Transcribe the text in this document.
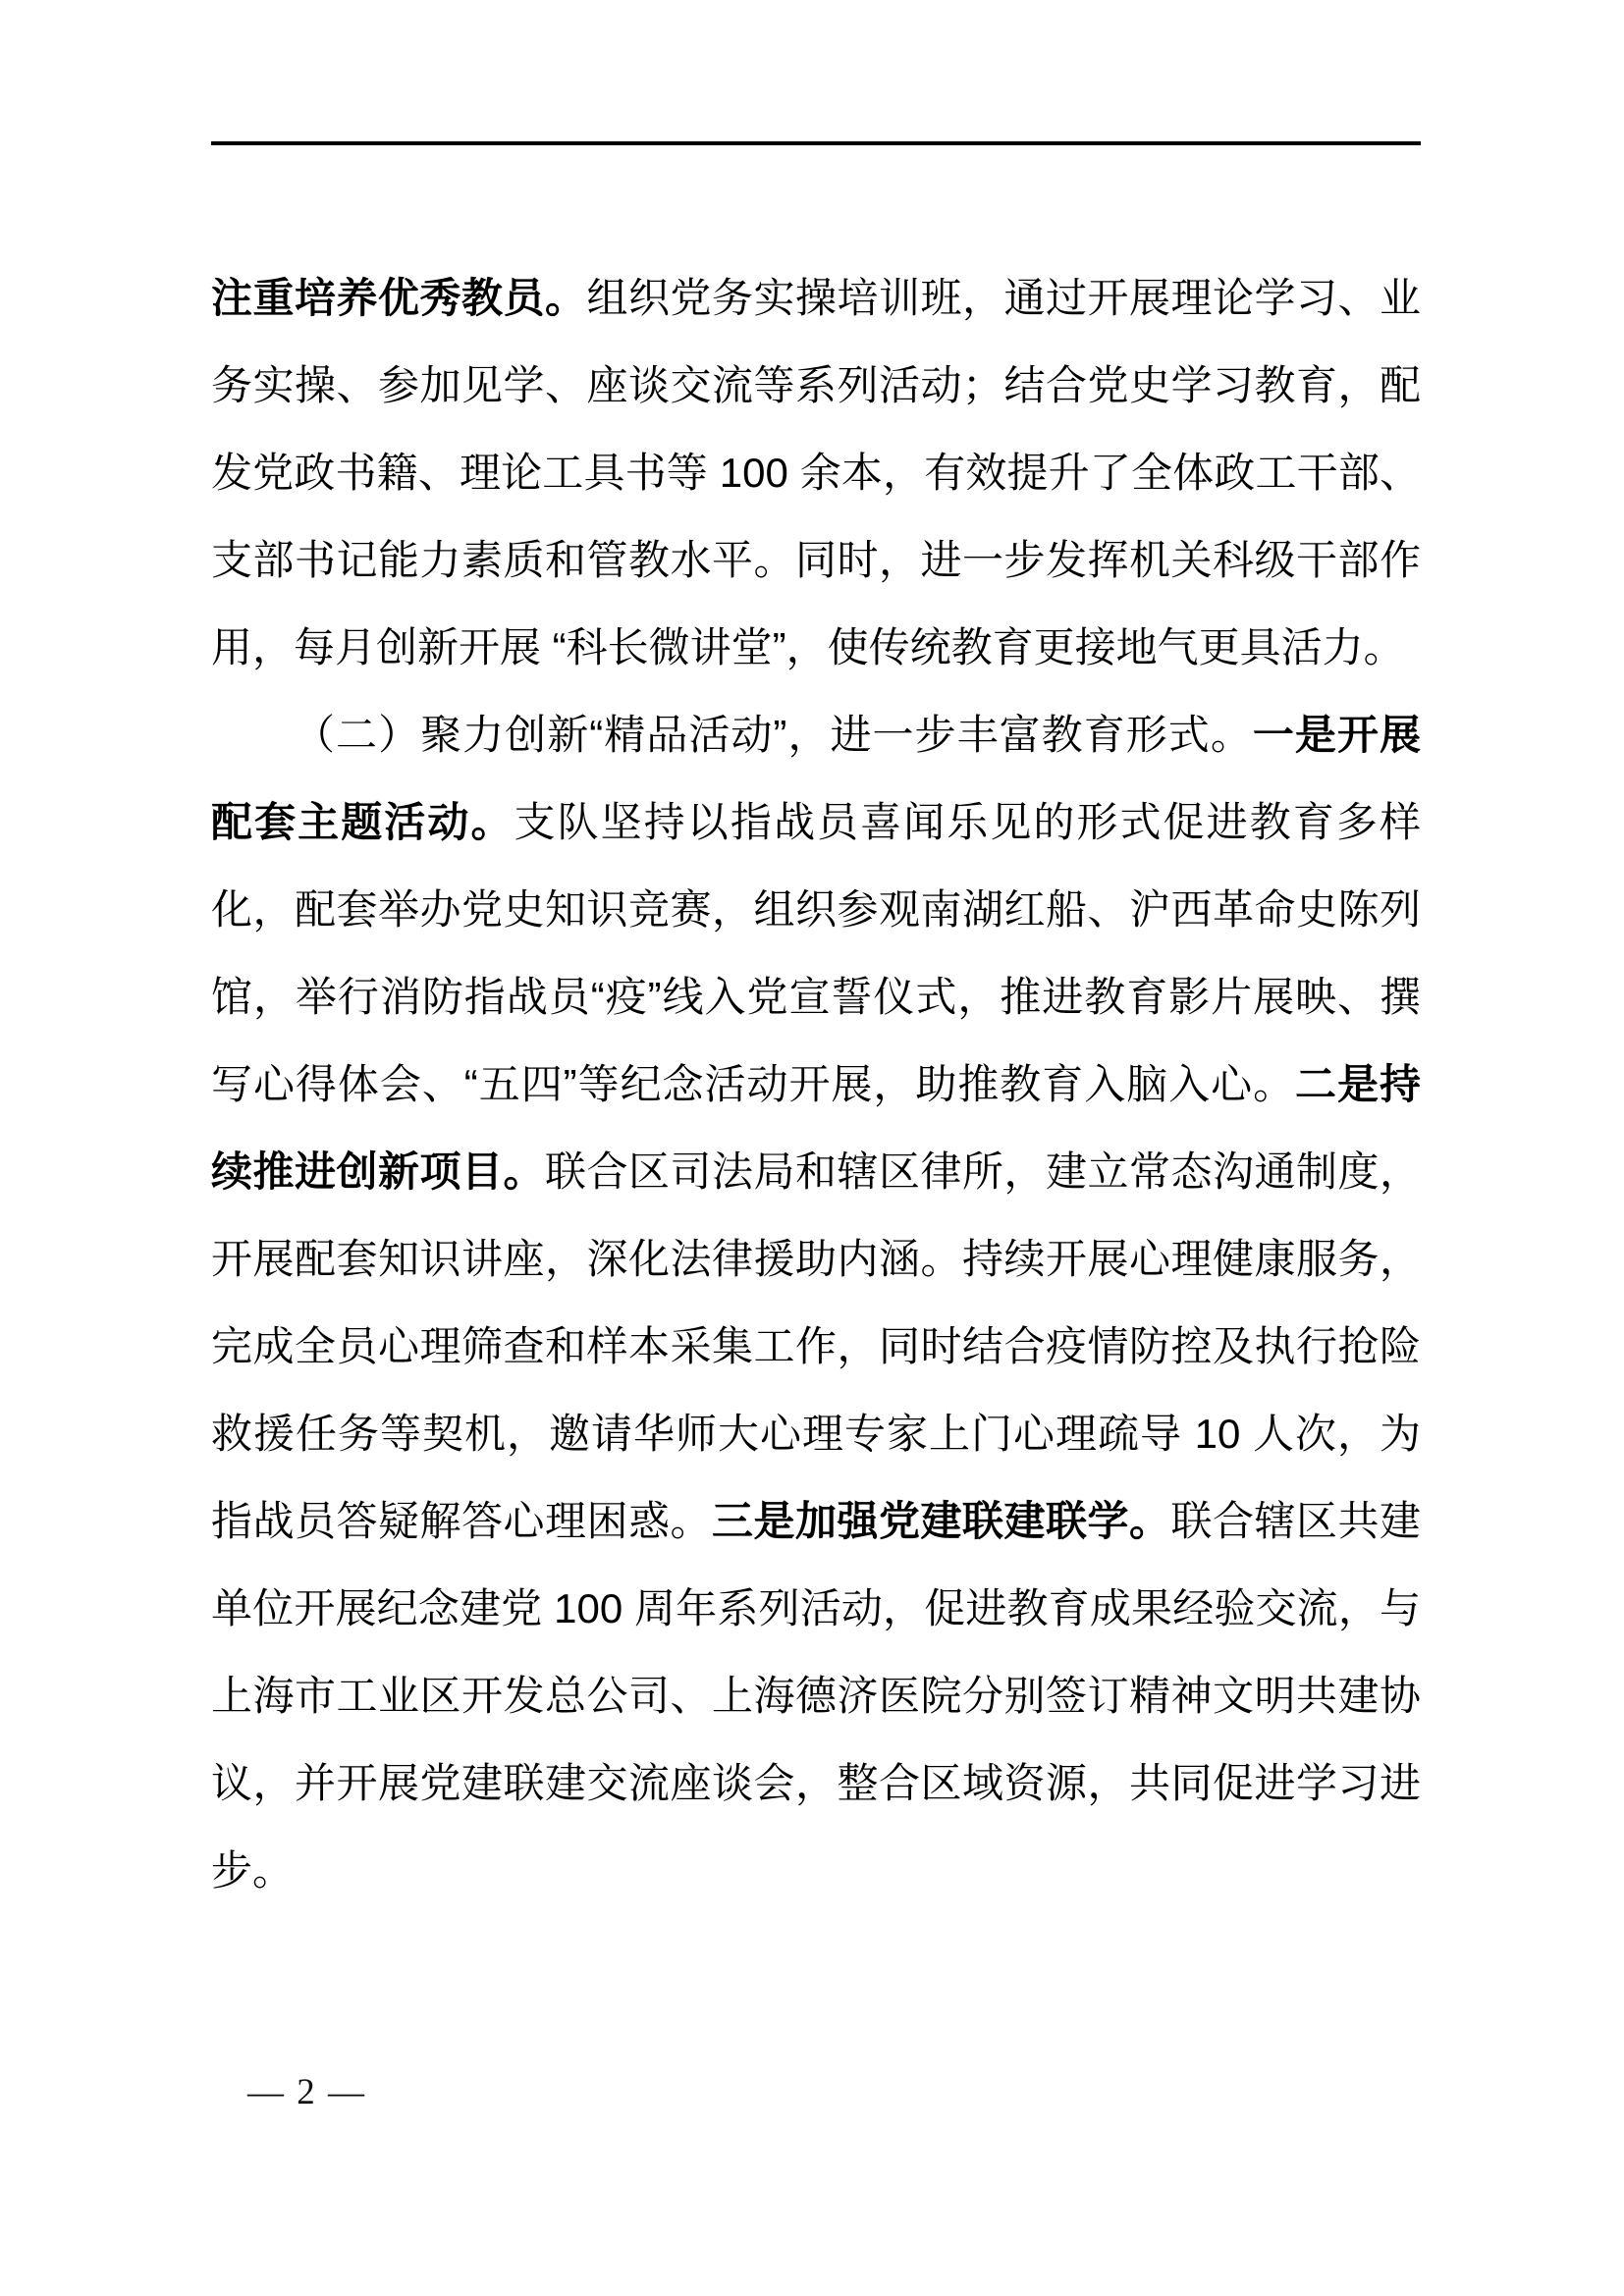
注重培养优秀教员。组织党务实操培训班，通过开展理论学习、业务实操、参加见学、座谈交流等系列活动；结合党史学习教育，配发党政书籍、理论工具书等 100 余本，有效提升了全体政工干部、支部书记能力素质和管教水平。同时，进一步发挥机关科级干部作用，每月创新开展 “科长微讲堂”，使传统教育更接地气更具活力。

（二）聚力创新“精品活动”，进一步丰富教育形式。一是开展配套主题活动。支队坚持以指战员喜闻乐见的形式促进教育多样化，配套举办党史知识竞赛，组织参观南湖红船、沪西革命史陈列馆，举行消防指战员“疫”线入党宣誓仪式，推进教育影片展映、撰写心得体会、“五四”等纪念活动开展，助推教育入脑入心。二是持续推进创新项目。联合区司法局和辖区律所，建立常态沟通制度，开展配套知识讲座，深化法律援助内涵。持续开展心理健康服务，完成全员心理筛查和样本采集工作，同时结合疫情防控及执行抢险救援任务等契机，邀请华师大心理专家上门心理疏导 10 人次，为指战员答疑解答心理困惑。三是加强党建联建联学。联合辖区共建单位开展纪念建党 100 周年系列活动，促进教育成果经验交流，与上海市工业区开发总公司、上海德济医院分别签订精神文明共建协议，并开展党建联建交流座谈会，整合区域资源，共同促进学习进步。

— 2 —
